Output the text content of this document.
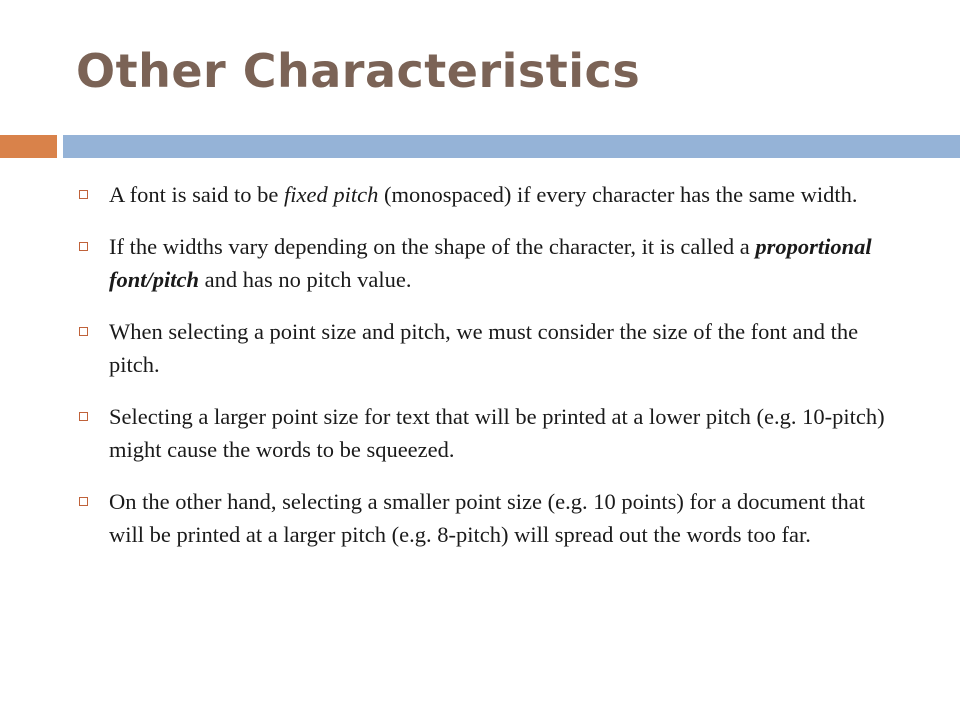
Other Characteristics
A font is said to be fixed pitch (monospaced) if every character has the same width.
If the widths vary depending on the shape of the character, it is called a proportional font/pitch and has no pitch value.
When selecting a point size and pitch, we must consider the size of the font and the pitch.
Selecting a larger point size for text that will be printed at a lower pitch (e.g. 10-pitch) might cause the words to be squeezed.
On the other hand, selecting a smaller point size (e.g. 10 points) for a document that will be printed at a larger pitch (e.g. 8-pitch) will spread out the words too far.
